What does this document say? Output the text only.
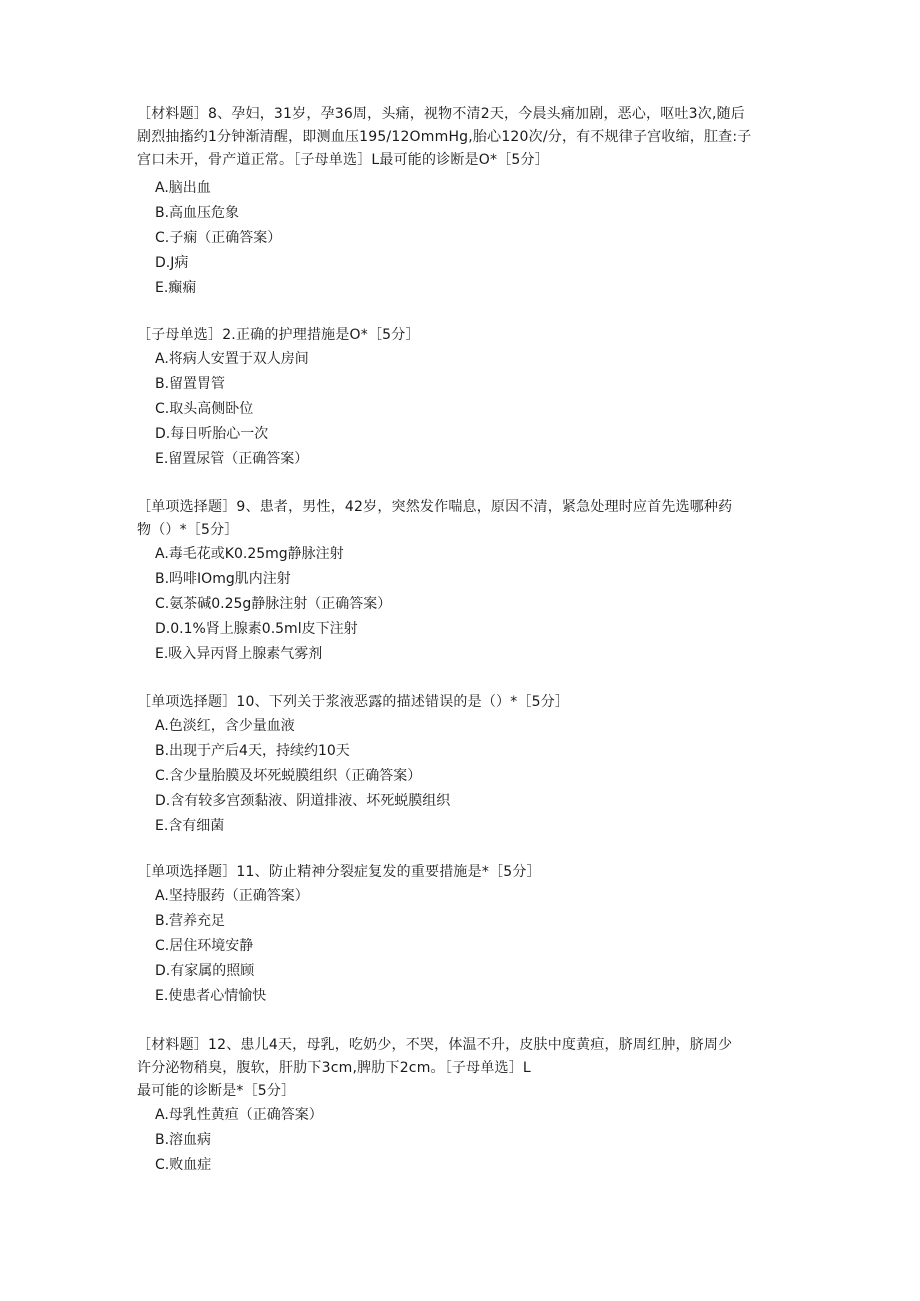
［材料题］8、孕妇，31岁，孕36周，头痛，视物不清2天，今晨头痛加剧，恶心，呕吐3次,随后
剧烈抽搐约1分钟渐清醒，即测血压195/12OmmHg,胎心120次/分，有不规律子宫收缩，肛查:子
宫口未开，骨产道正常。［子母单选］L最可能的诊断是O*［5分］

A.脑出血
B.高血压危象
C.子痫（正确答案）
D.J病
E.癫痫

［子母单选］2.正确的护理措施是O*［5分］

A.将病人安置于双人房间
B.留置胃管
C.取头高侧卧位
D.每日听胎心一次
E.留置尿管（正确答案）

［单项选择题］9、患者，男性，42岁，突然发作喘息，原因不清，紧急处理时应首先选哪种药
物（）*［5分］

A.毒毛花或K0.25mg静脉注射
B.吗啡IOmg肌内注射
C.氨茶碱0.25g静脉注射（正确答案）
D.0.1%肾上腺素0.5ml皮下注射
E.吸入异丙肾上腺素气雾剂

［单项选择题］10、下列关于浆液恶露的描述错误的是（）*［5分］

A.色淡红，含少量血液
B.出现于产后4天，持续约10天
C.含少量胎膜及坏死蜕膜组织（正确答案）
D.含有较多宫颈黏液、阴道排液、坏死蜕膜组织
E.含有细菌

［单项选择题］11、防止精神分裂症复发的重要措施是*［5分］

A.坚持服药（正确答案）
B.营养充足
C.居住环境安静
D.有家属的照顾
E.使患者心情愉快

［材料题］12、患儿4天，母乳，吃奶少，不哭，体温不升，皮肤中度黄疸，脐周红肿，脐周少
许分泌物稍臭，腹软，肝肋下3cm,脾肋下2cm。［子母单选］L
最可能的诊断是*［5分］

A.母乳性黄疸（正确答案）
B.溶血病
C.败血症
